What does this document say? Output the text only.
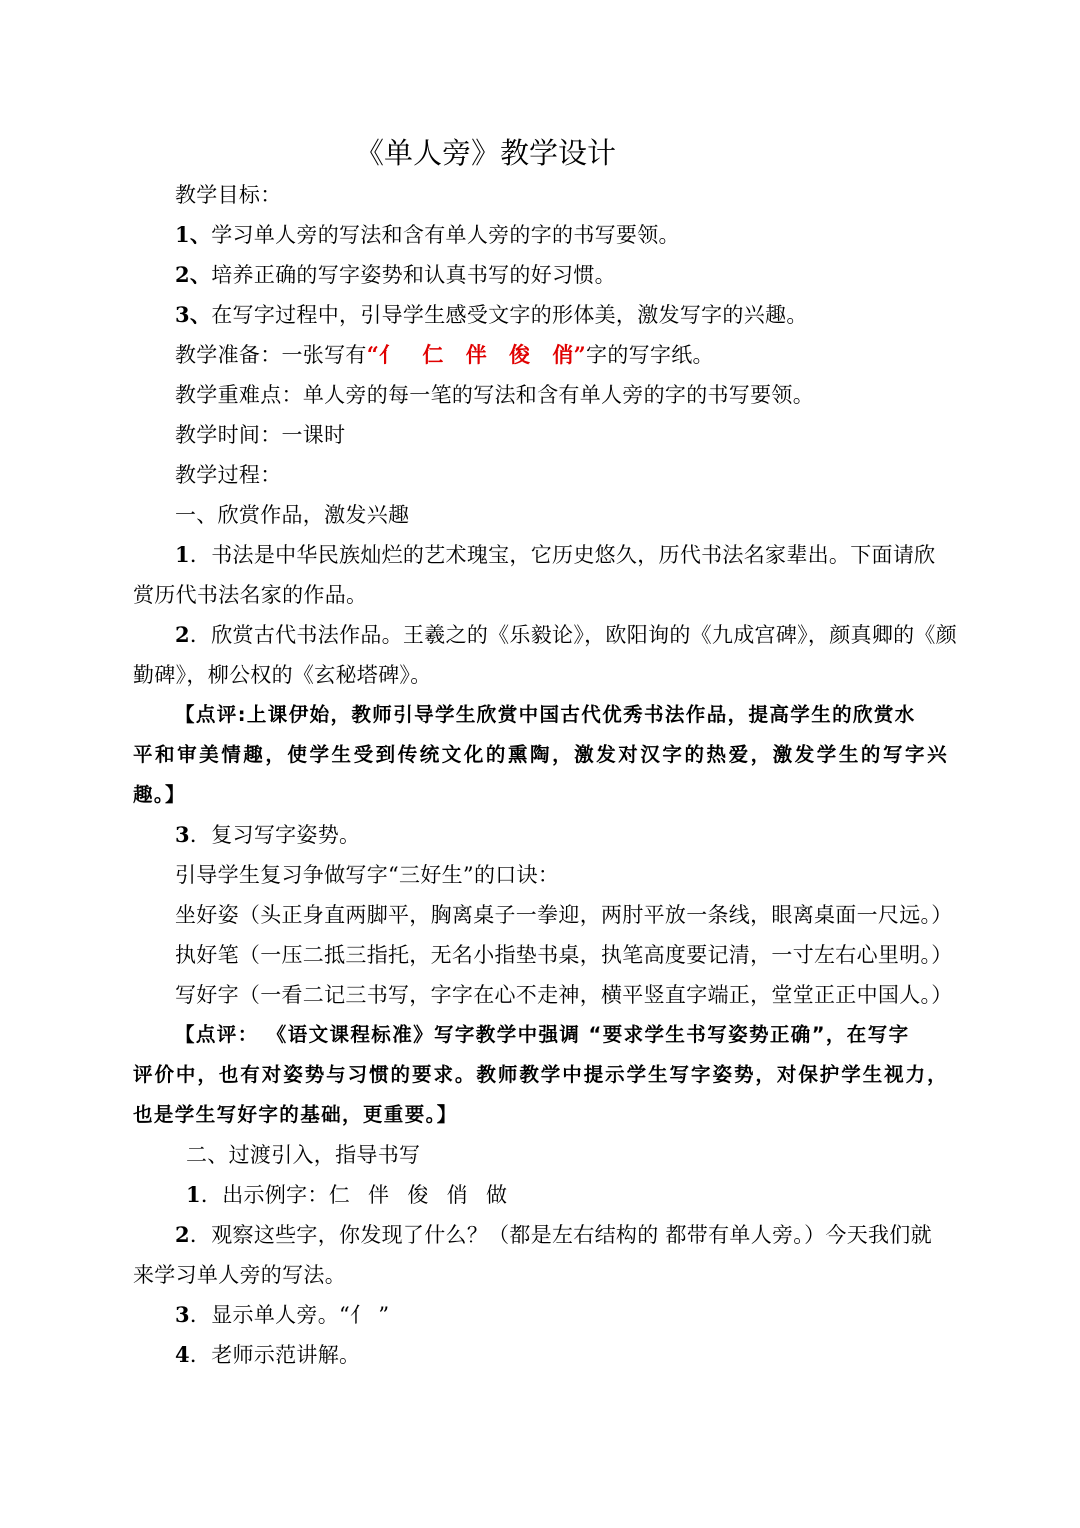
《单人旁》教学设计
教学目标：
1、学习单人旁的写法和含有单人旁的字的书写要领。
2、培养正确的写字姿势和认真书写的好习惯。
3、在写字过程中，引导学生感受文字的形体美，激发写字的兴趣。
教学准备：一张写有“亻 仁 伴 俊 俏”字的写字纸。
教学重难点：单人旁的每一笔的写法和含有单人旁的字的书写要领。
教学时间：一课时
教学过程：
一、欣赏作品，激发兴趣
1．书法是中华民族灿烂的艺术瑰宝，它历史悠久，历代书法名家辈出。下面请欣
赏历代书法名家的作品。
2．欣赏古代书法作品。王羲之的《乐毅论》，欧阳询的《九成宫碑》，颜真卿的《颜
勤碑》，柳公权的《玄秘塔碑》。
【点评:上课伊始，教师引导学生欣赏中国古代优秀书法作品，提高学生的欣赏水
平和审美情趣，使学生受到传统文化的熏陶，激发对汉字的热爱，激发学生的写字兴
趣。】
3．复习写字姿势。
引导学生复习争做写字“三好生”的口诀：
坐好姿（头正身直两脚平，胸离桌子一拳迎，两肘平放一条线，眼离桌面一尺远。）
执好笔（一压二抵三指托，无名小指垫书桌，执笔高度要记清，一寸左右心里明。）
写好字（一看二记三书写，字字在心不走神，横平竖直字端正，堂堂正正中国人。）
【点评： 《语文课程标准》写字教学中强调 “要求学生书写姿势正确”，在写字
评价中，也有对姿势与习惯的要求。教师教学中提示学生写字姿势，对保护学生视力，
也是学生写好字的基础，更重要。】
二、过渡引入，指导书写
1．出示例字：仁 伴 俊 俏 做
2．观察这些字，你发现了什么？（都是左右结构的 都带有单人旁。）今天我们就
来学习单人旁的写法。
3．显示单人旁。“亻 ”
4．老师示范讲解。
